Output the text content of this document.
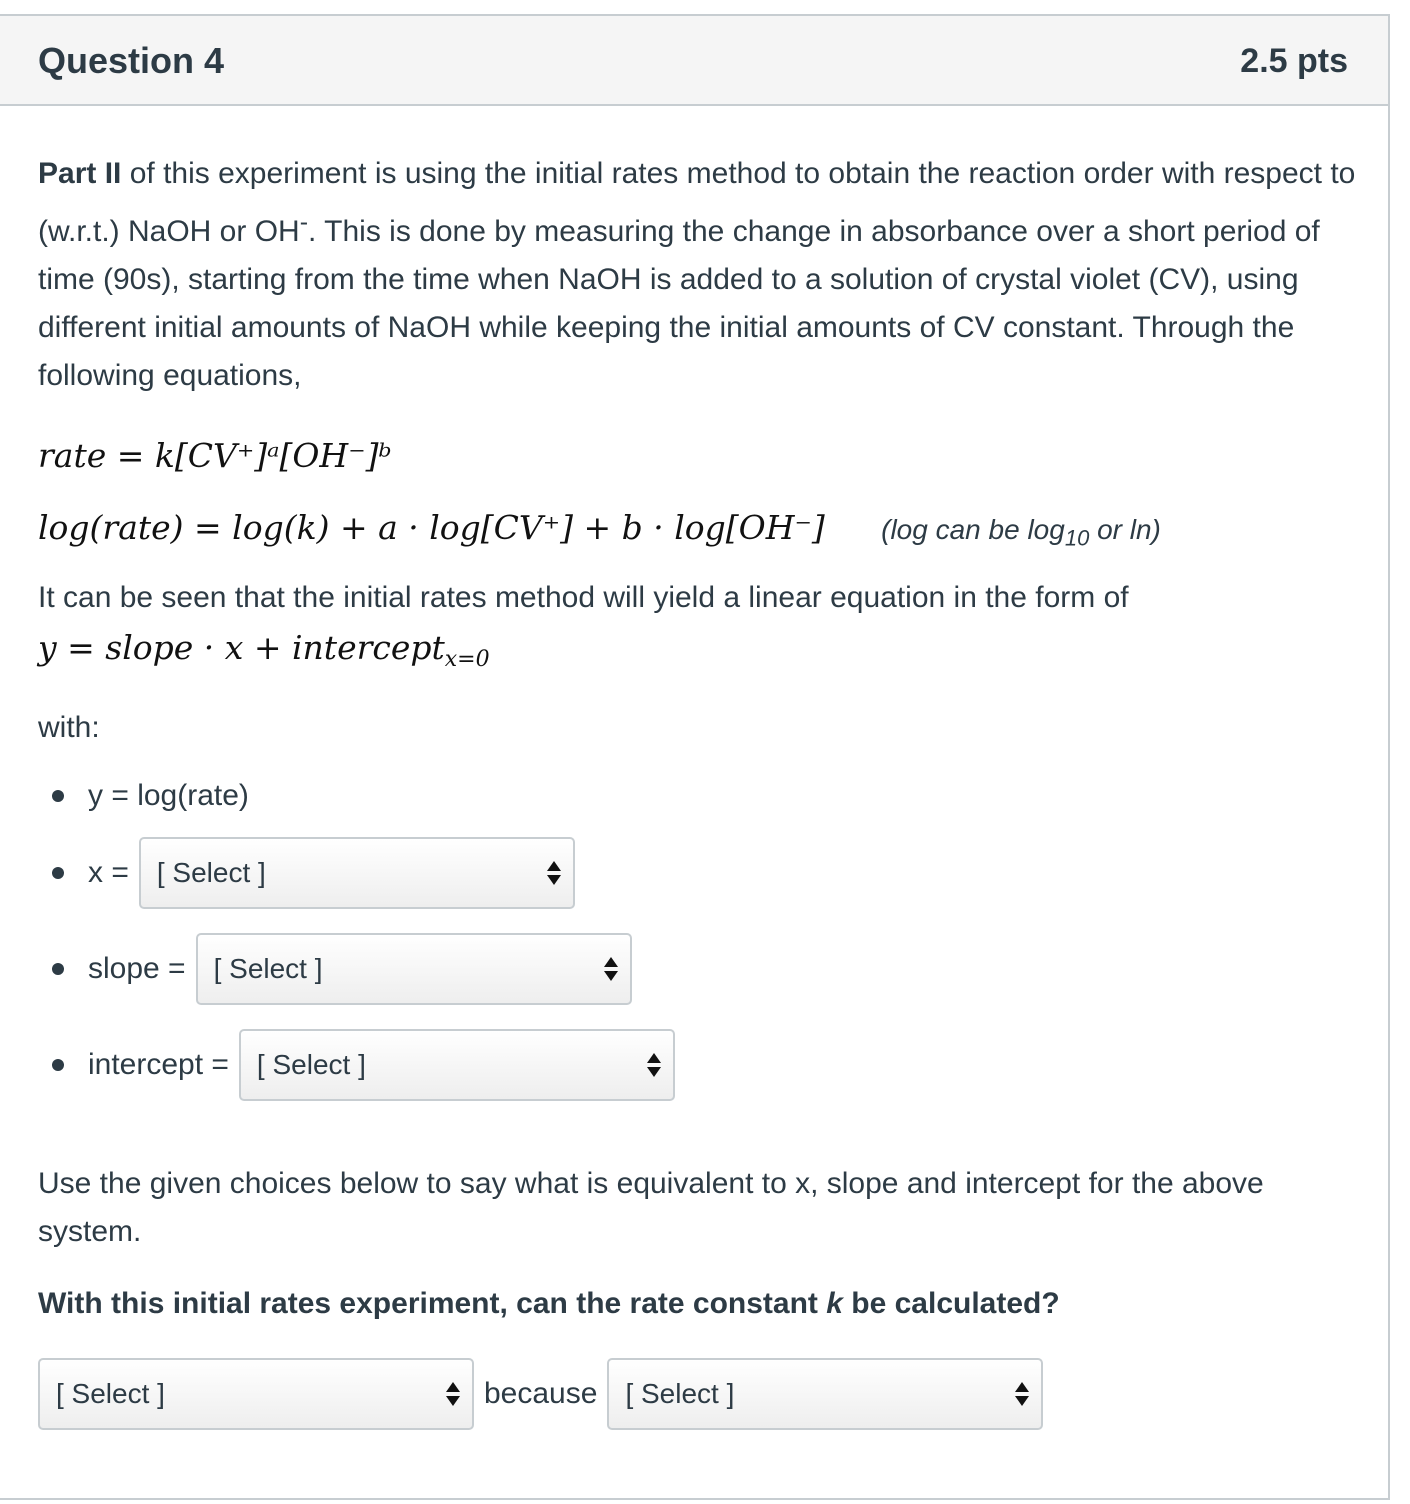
Question 4	2.5 pts

Part II of this experiment is using the initial rates method to obtain the reaction order with respect to (w.r.t.) NaOH or OH-. This is done by measuring the change in absorbance over a short period of time (90s), starting from the time when NaOH is added to a solution of crystal violet (CV), using different initial amounts of NaOH while keeping the initial amounts of CV constant. Through the following equations,

rate = k[CV⁺]ᵃ[OH⁻]ᵇ
log(rate) = log(k) + a · log[CV⁺] + b · log[OH⁻] (log can be $\log_{10}$ or ln)

It can be seen that the initial rates method will yield a linear equation in the form of

y = slope · x + intercept$_{x=0}$

with:

y = log(rate)
x =	[ Select ]
slope =	[ Select ]
intercept =	[ Select ]

Use the given choices below to say what is equivalent to x, slope and intercept for the above system.

With this initial rates experiment, can the rate constant k be calculated?

[ Select ]	because	[ Select ]
